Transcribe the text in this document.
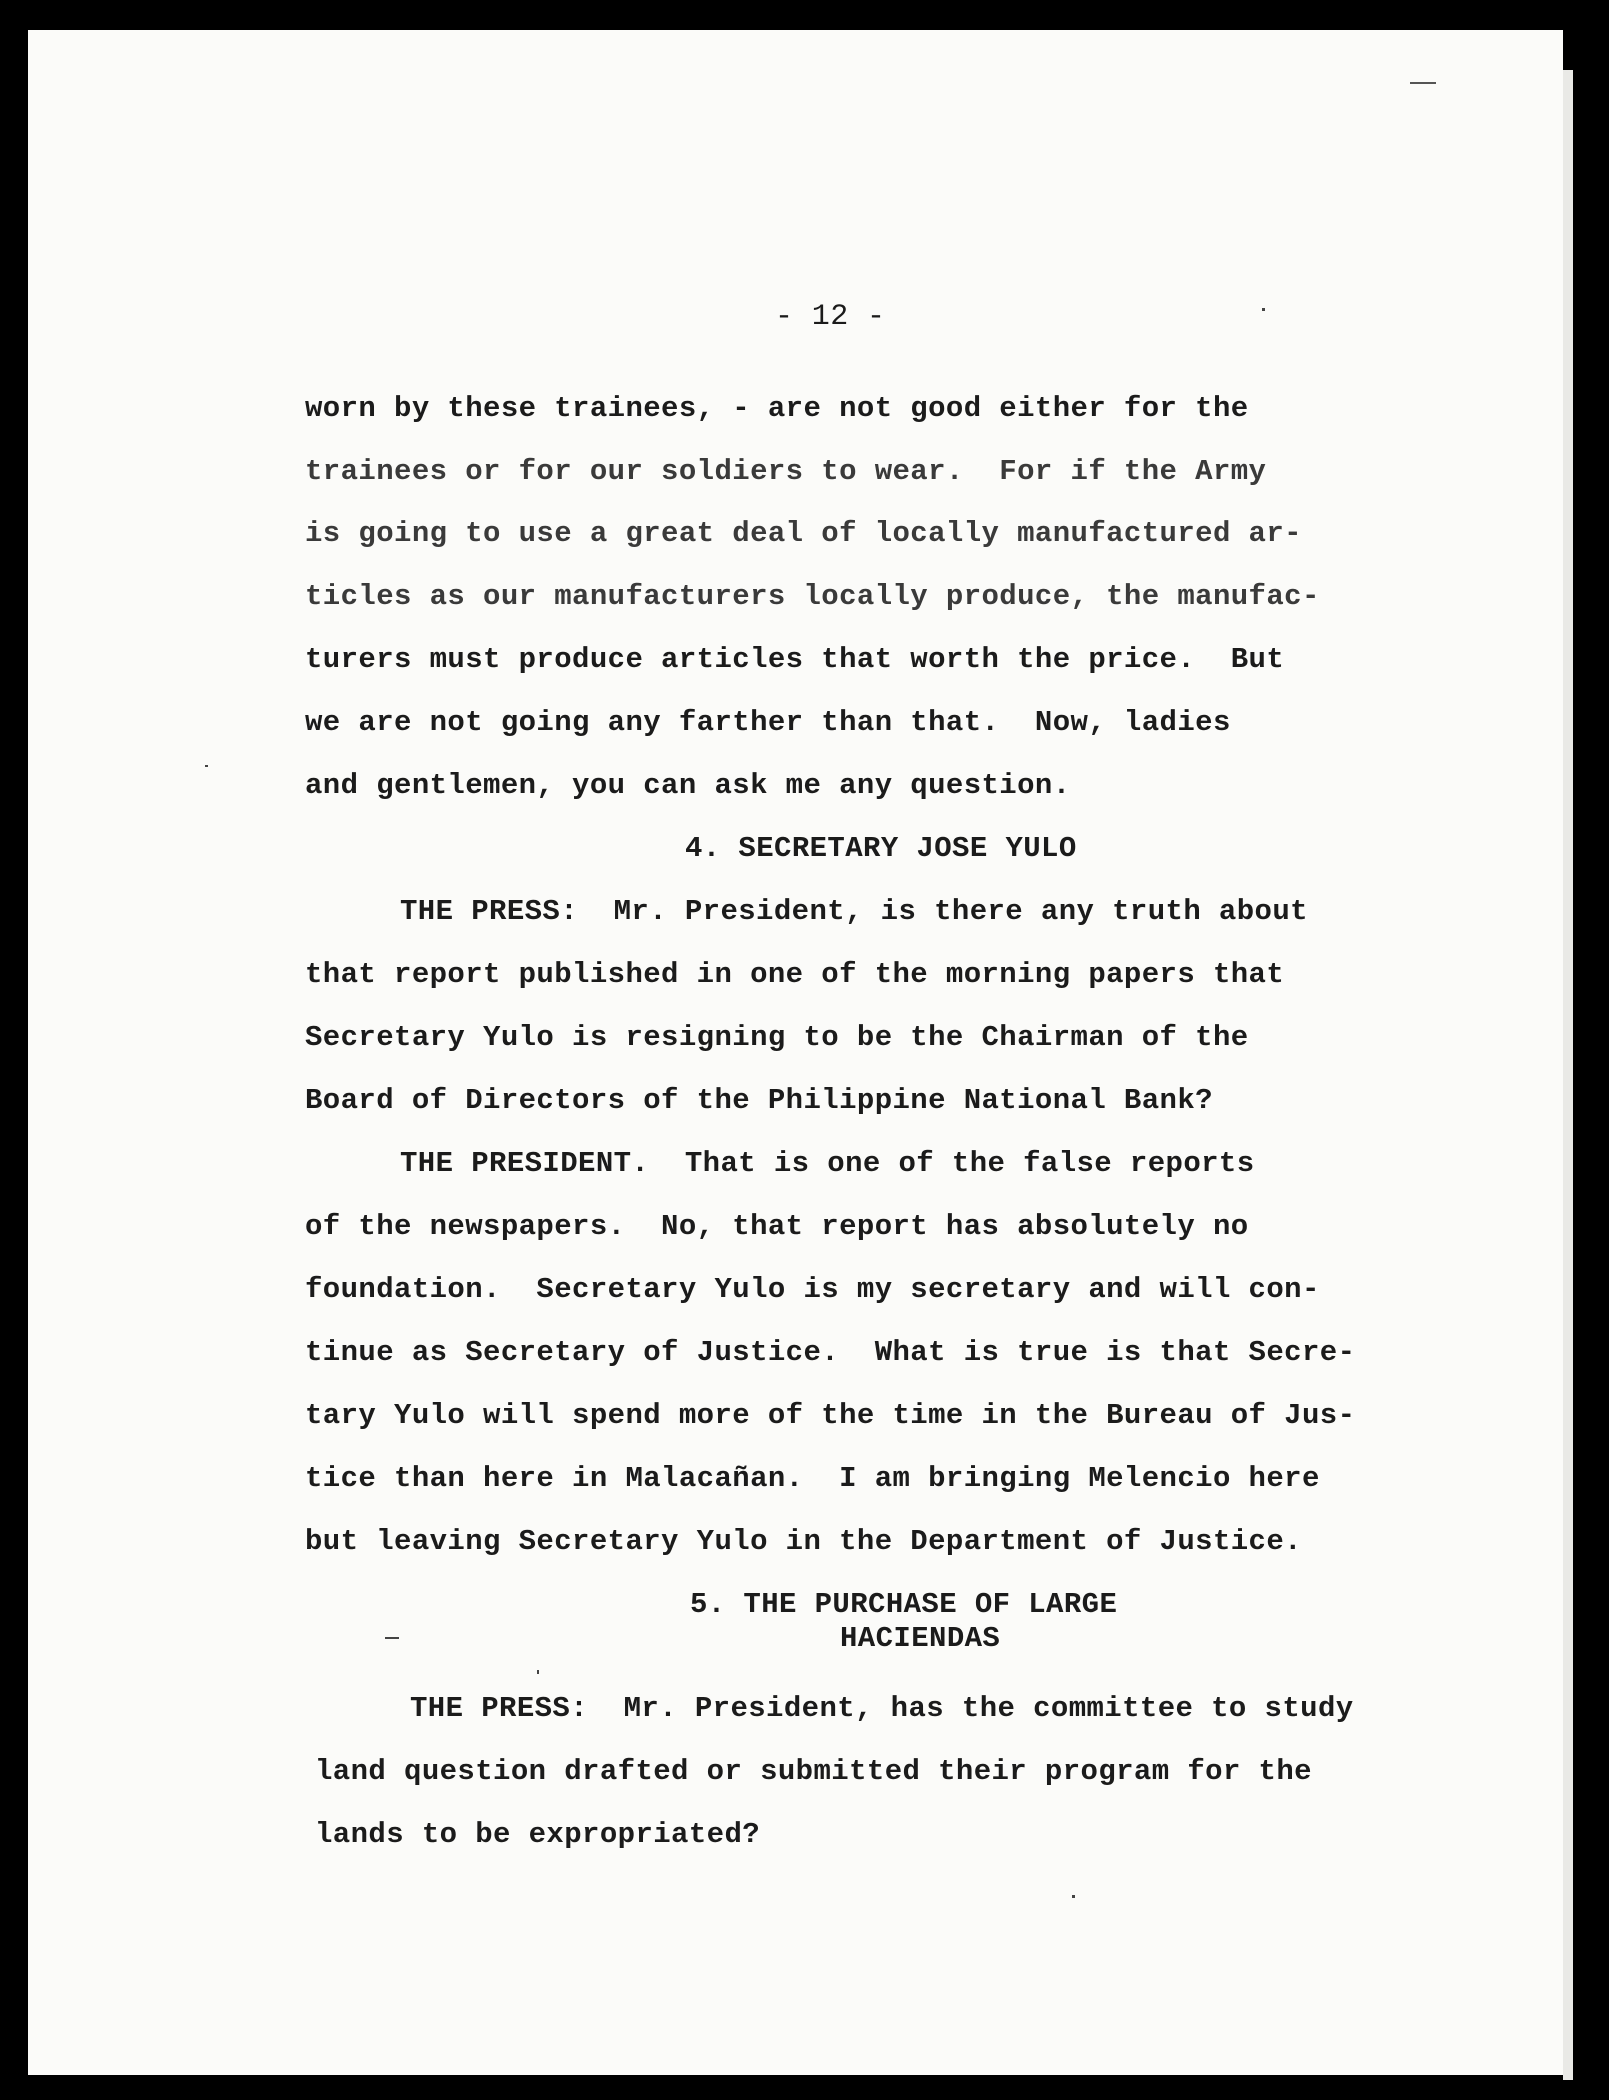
- 12 -
worn by these trainees, - are not good either for the
trainees or for our soldiers to wear.  For if the Army
is going to use a great deal of locally manufactured ar-
ticles as our manufacturers locally produce, the manufac-
turers must produce articles that worth the price.  But
we are not going any farther than that.  Now, ladies
and gentlemen, you can ask me any question.
4. SECRETARY JOSE YULO
THE PRESS:  Mr. President, is there any truth about
that report published in one of the morning papers that
Secretary Yulo is resigning to be the Chairman of the
Board of Directors of the Philippine National Bank?
THE PRESIDENT.  That is one of the false reports
of the newspapers.  No, that report has absolutely no
foundation.  Secretary Yulo is my secretary and will con-
tinue as Secretary of Justice.  What is true is that Secre-
tary Yulo will spend more of the time in the Bureau of Jus-
tice than here in Malacañan.  I am bringing Melencio here
but leaving Secretary Yulo in the Department of Justice.
5. THE PURCHASE OF LARGE
HACIENDAS
THE PRESS:  Mr. President, has the committee to study
land question drafted or submitted their program for the
lands to be expropriated?
